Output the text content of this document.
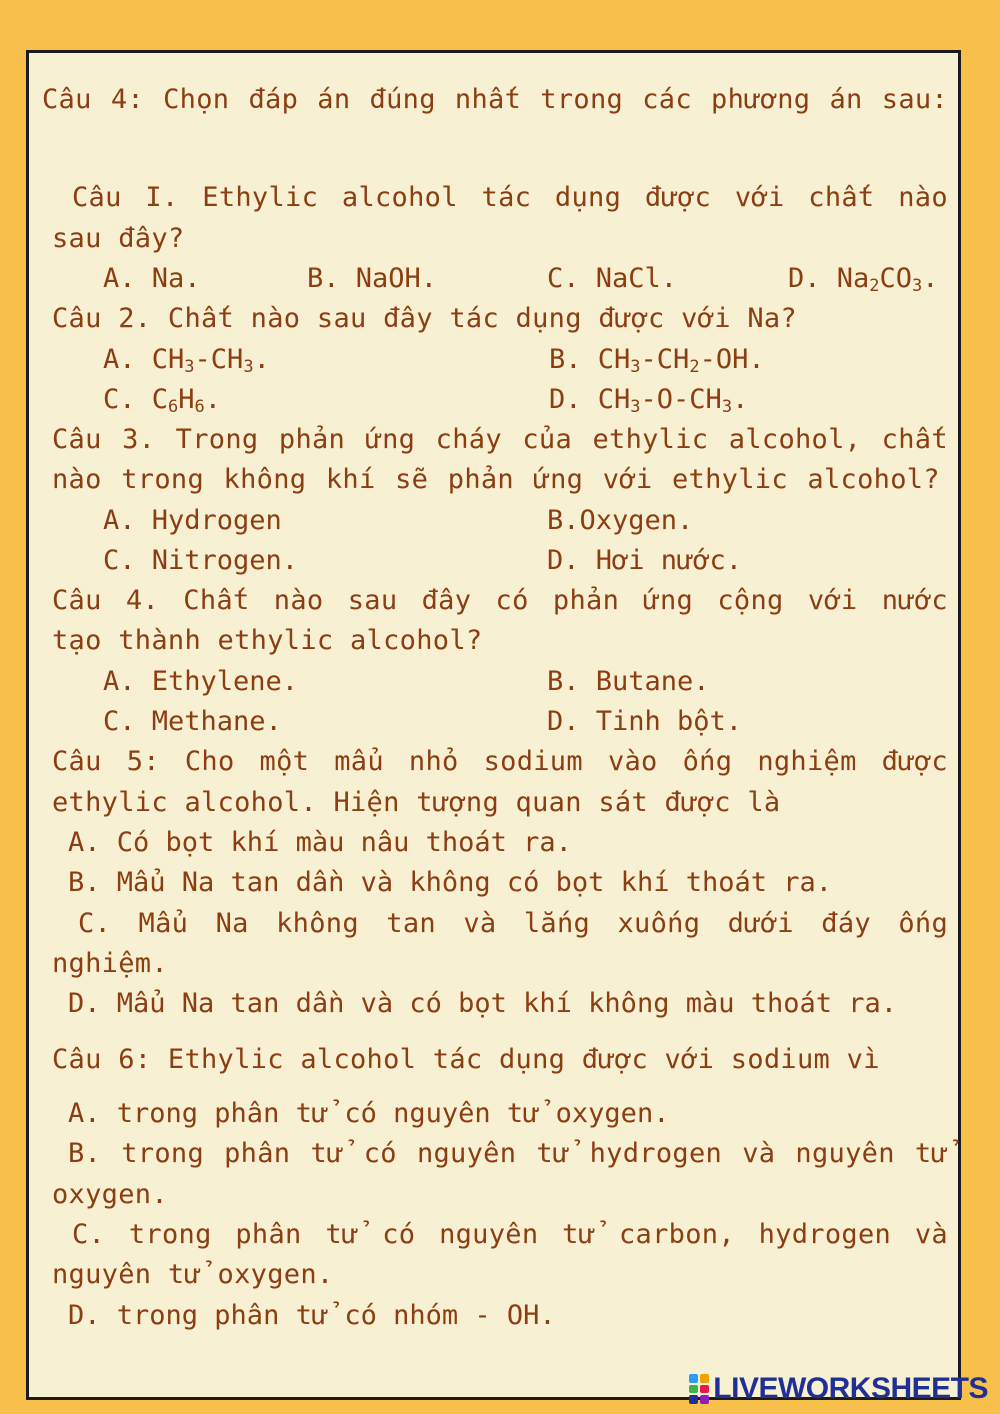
Câu 4: Chọn đáp án đúng nhất trong các phương án sau:
Câu I. Ethylic alcohol tác dụng được với chất nào
sau đây?
A. Na.	B. NaOH.	C. NaCl.	D. $Na_2CO_3$.
Câu 2. Chất nào sau đây tác dụng được với Na?
A. $CH_3-CH_3$.	B. $CH_3-CH_2-OH$.
C. $C_6H_6$.	D. $CH_3-O-CH_3$.
Câu 3. Trong phản ứng cháy của ethylic alcohol, chất
nào trong không khí sẽ phản ứng với ethylic alcohol?
A. Hydrogen	B.Oxygen.
C. Nitrogen.	D. Hơi nước.
Câu 4. Chất nào sau đây có phản ứng cộng với nước
tạo thành ethylic alcohol?
A. Ethylene.	B. Butane.
C. Methane.	D. Tinh bột.
Câu 5: Cho một mẩu nhỏ sodium vào ống nghiệm được
ethylic alcohol. Hiện tượng quan sát được là
A. Có bọt khí màu nâu thoát ra.
B. Mẩu Na tan dần và không có bọt khí thoát ra.
C. Mẩu Na không tan và lắng xuống dưới đáy ống
nghiệm.
D. Mẩu Na tan dần và có bọt khí không màu thoát ra.
Câu 6: Ethylic alcohol tác dụng được với sodium vì
A. trong phân tử có nguyên tử oxygen.
B. trong phân tử có nguyên tử hydrogen và nguyên tử
oxygen.
C. trong phân tử có nguyên tử carbon, hydrogen và
nguyên tử oxygen.
D. trong phân tử có nhóm - OH.
LIVEWORKSHEETS
